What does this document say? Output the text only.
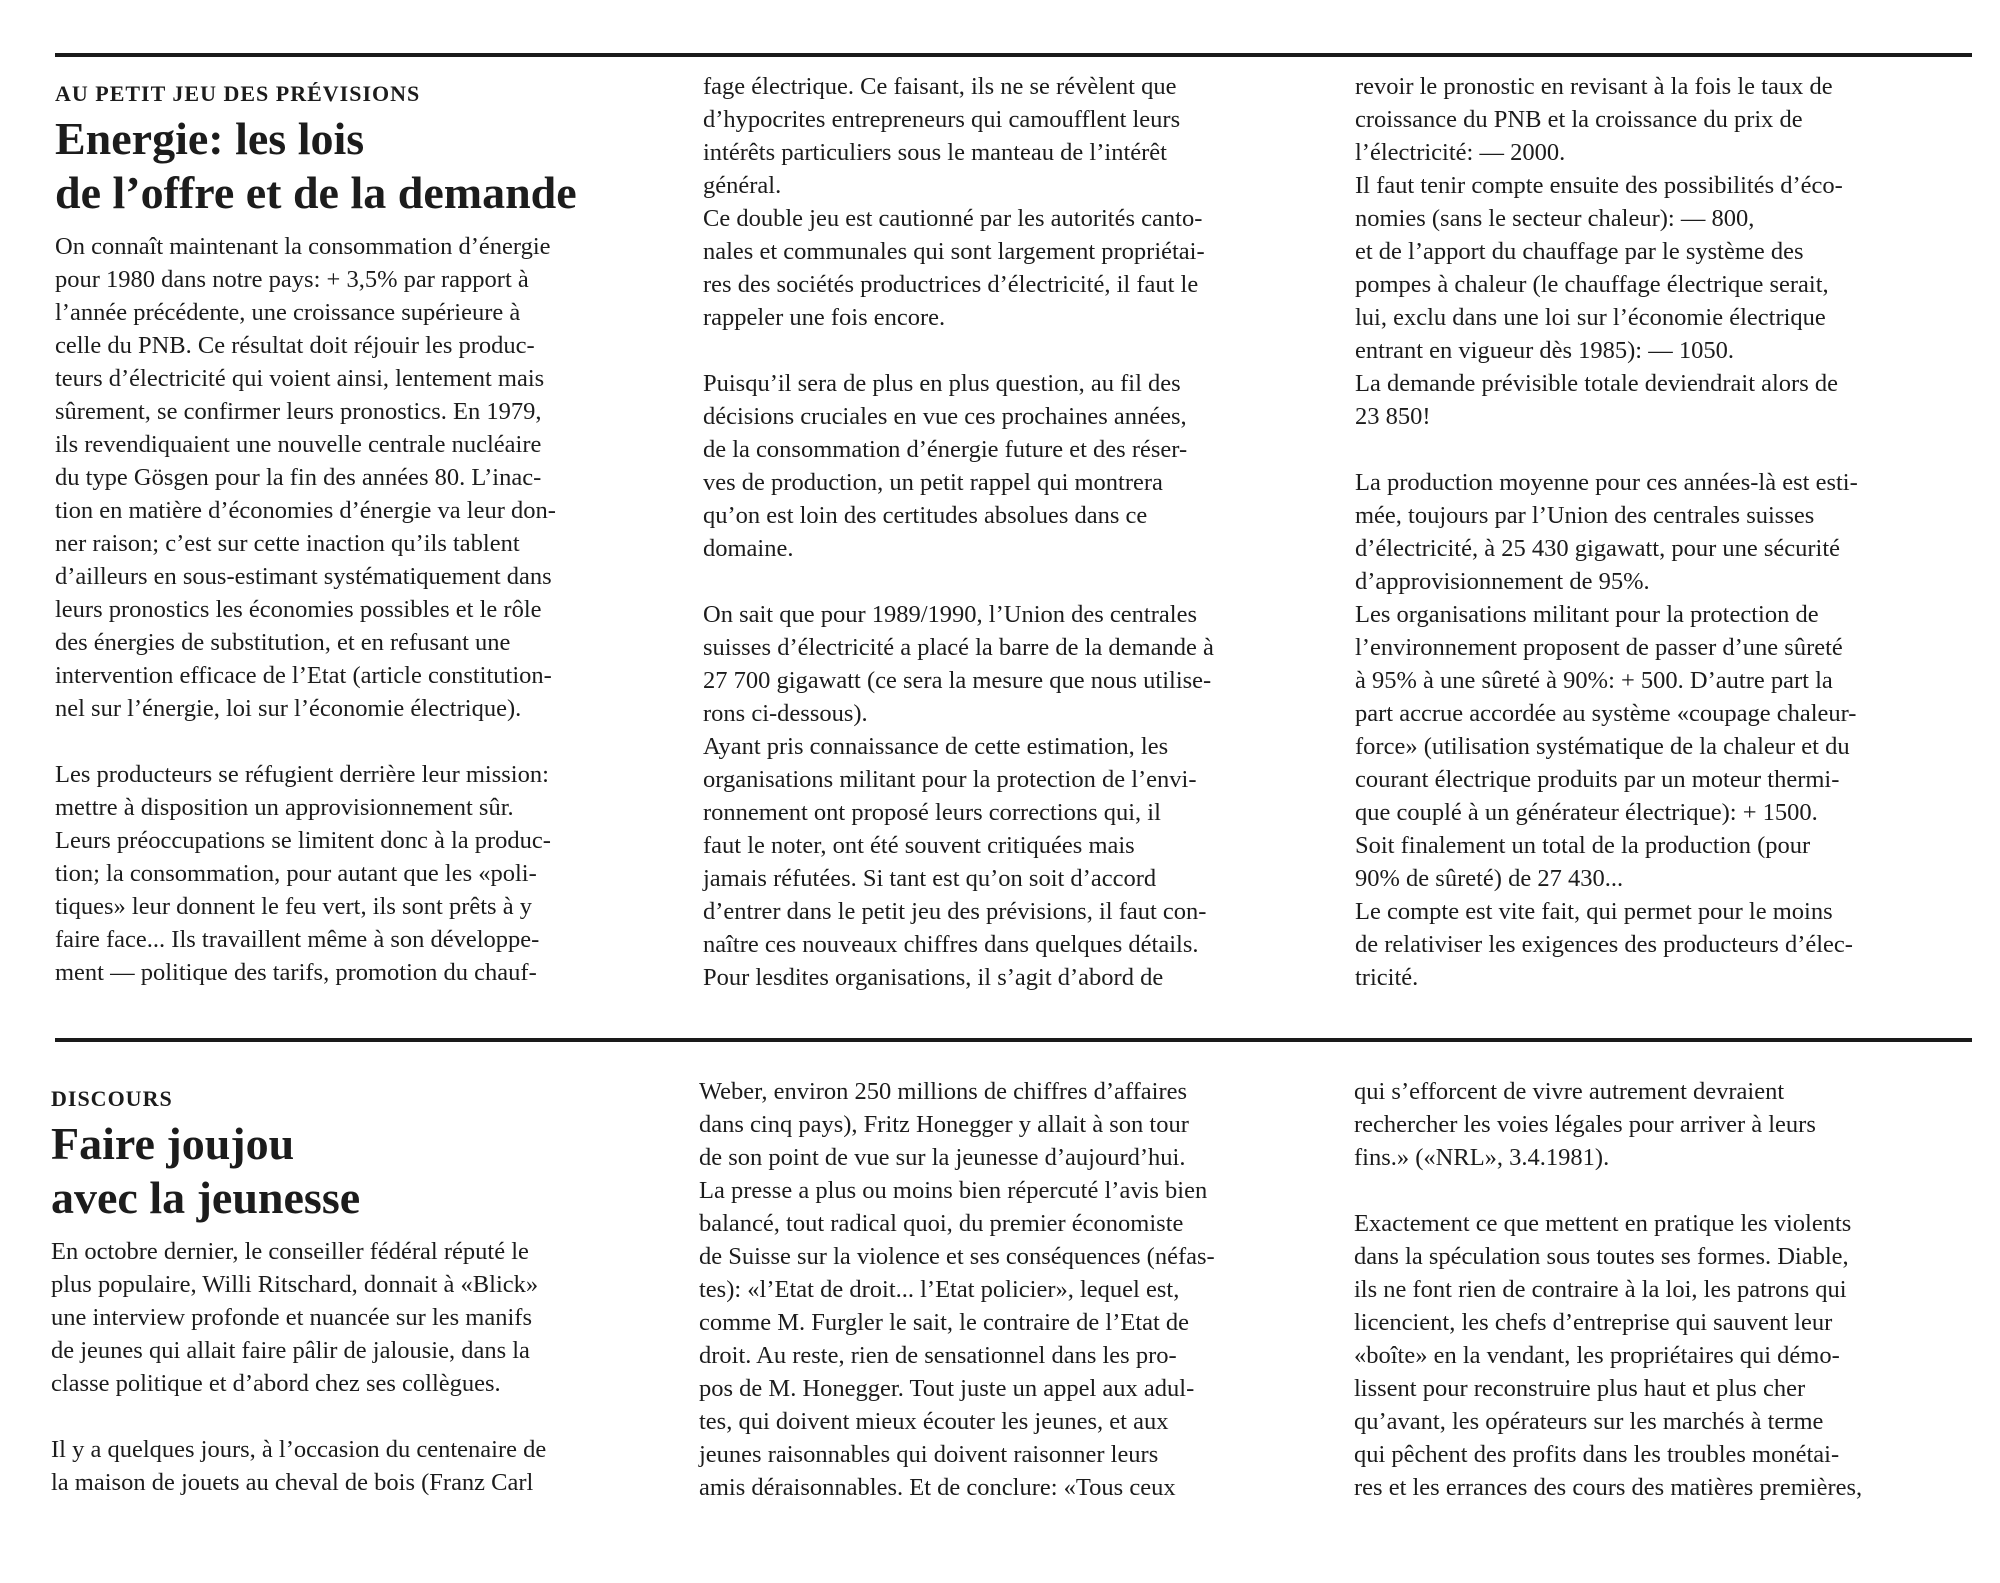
AU PETIT JEU DES PRÉVISIONS
Energie: les lois
de l’offre et de la demande

On connaît maintenant la consommation d’énergie
pour 1980 dans notre pays: + 3,5% par rapport à
l’année précédente, une croissance supérieure à
celle du PNB. Ce résultat doit réjouir les produc-
teurs d’électricité qui voient ainsi, lentement mais
sûrement, se confirmer leurs pronostics. En 1979,
ils revendiquaient une nouvelle centrale nucléaire
du type Gösgen pour la fin des années 80. L’inac-
tion en matière d’économies d’énergie va leur don-
ner raison; c’est sur cette inaction qu’ils tablent
d’ailleurs en sous-estimant systématiquement dans
leurs pronostics les économies possibles et le rôle
des énergies de substitution, et en refusant une
intervention efficace de l’Etat (article constitution-
nel sur l’énergie, loi sur l’économie électrique).

Les producteurs se réfugient derrière leur mission:
mettre à disposition un approvisionnement sûr.
Leurs préoccupations se limitent donc à la produc-
tion; la consommation, pour autant que les «poli-
tiques» leur donnent le feu vert, ils sont prêts à y
faire face... Ils travaillent même à son développe-
ment — politique des tarifs, promotion du chauf-

fage électrique. Ce faisant, ils ne se révèlent que
d’hypocrites entrepreneurs qui camoufflent leurs
intérêts particuliers sous le manteau de l’intérêt
général.
Ce double jeu est cautionné par les autorités canto-
nales et communales qui sont largement propriétai-
res des sociétés productrices d’électricité, il faut le
rappeler une fois encore.

Puisqu’il sera de plus en plus question, au fil des
décisions cruciales en vue ces prochaines années,
de la consommation d’énergie future et des réser-
ves de production, un petit rappel qui montrera
qu’on est loin des certitudes absolues dans ce
domaine.

On sait que pour 1989/1990, l’Union des centrales
suisses d’électricité a placé la barre de la demande à
27 700 gigawatt (ce sera la mesure que nous utilise-
rons ci-dessous).
Ayant pris connaissance de cette estimation, les
organisations militant pour la protection de l’envi-
ronnement ont proposé leurs corrections qui, il
faut le noter, ont été souvent critiquées mais
jamais réfutées. Si tant est qu’on soit d’accord
d’entrer dans le petit jeu des prévisions, il faut con-
naître ces nouveaux chiffres dans quelques détails.
Pour lesdites organisations, il s’agit d’abord de

revoir le pronostic en revisant à la fois le taux de
croissance du PNB et la croissance du prix de
l’électricité: — 2000.
Il faut tenir compte ensuite des possibilités d’éco-
nomies (sans le secteur chaleur): — 800,
et de l’apport du chauffage par le système des
pompes à chaleur (le chauffage électrique serait,
lui, exclu dans une loi sur l’économie électrique
entrant en vigueur dès 1985): — 1050.
La demande prévisible totale deviendrait alors de
23 850!

La production moyenne pour ces années-là est esti-
mée, toujours par l’Union des centrales suisses
d’électricité, à 25 430 gigawatt, pour une sécurité
d’approvisionnement de 95%.
Les organisations militant pour la protection de
l’environnement proposent de passer d’une sûreté
à 95% à une sûreté à 90%: + 500. D’autre part la
part accrue accordée au système «coupage chaleur-
force» (utilisation systématique de la chaleur et du
courant électrique produits par un moteur thermi-
que couplé à un générateur électrique): + 1500.
Soit finalement un total de la production (pour
90% de sûreté) de 27 430...
Le compte est vite fait, qui permet pour le moins
de relativiser les exigences des producteurs d’élec-
tricité.

DISCOURS
Faire joujou
avec la jeunesse

En octobre dernier, le conseiller fédéral réputé le
plus populaire, Willi Ritschard, donnait à «Blick»
une interview profonde et nuancée sur les manifs
de jeunes qui allait faire pâlir de jalousie, dans la
classe politique et d’abord chez ses collègues.

Il y a quelques jours, à l’occasion du centenaire de
la maison de jouets au cheval de bois (Franz Carl

Weber, environ 250 millions de chiffres d’affaires
dans cinq pays), Fritz Honegger y allait à son tour
de son point de vue sur la jeunesse d’aujourd’hui.
La presse a plus ou moins bien répercuté l’avis bien
balancé, tout radical quoi, du premier économiste
de Suisse sur la violence et ses conséquences (néfas-
tes): «l’Etat de droit... l’Etat policier», lequel est,
comme M. Furgler le sait, le contraire de l’Etat de
droit. Au reste, rien de sensationnel dans les pro-
pos de M. Honegger. Tout juste un appel aux adul-
tes, qui doivent mieux écouter les jeunes, et aux
jeunes raisonnables qui doivent raisonner leurs
amis déraisonnables. Et de conclure: «Tous ceux

qui s’efforcent de vivre autrement devraient
rechercher les voies légales pour arriver à leurs
fins.» («NRL», 3.4.1981).

Exactement ce que mettent en pratique les violents
dans la spéculation sous toutes ses formes. Diable,
ils ne font rien de contraire à la loi, les patrons qui
licencient, les chefs d’entreprise qui sauvent leur
«boîte» en la vendant, les propriétaires qui démo-
lissent pour reconstruire plus haut et plus cher
qu’avant, les opérateurs sur les marchés à terme
qui pêchent des profits dans les troubles monétai-
res et les errances des cours des matières premières,
